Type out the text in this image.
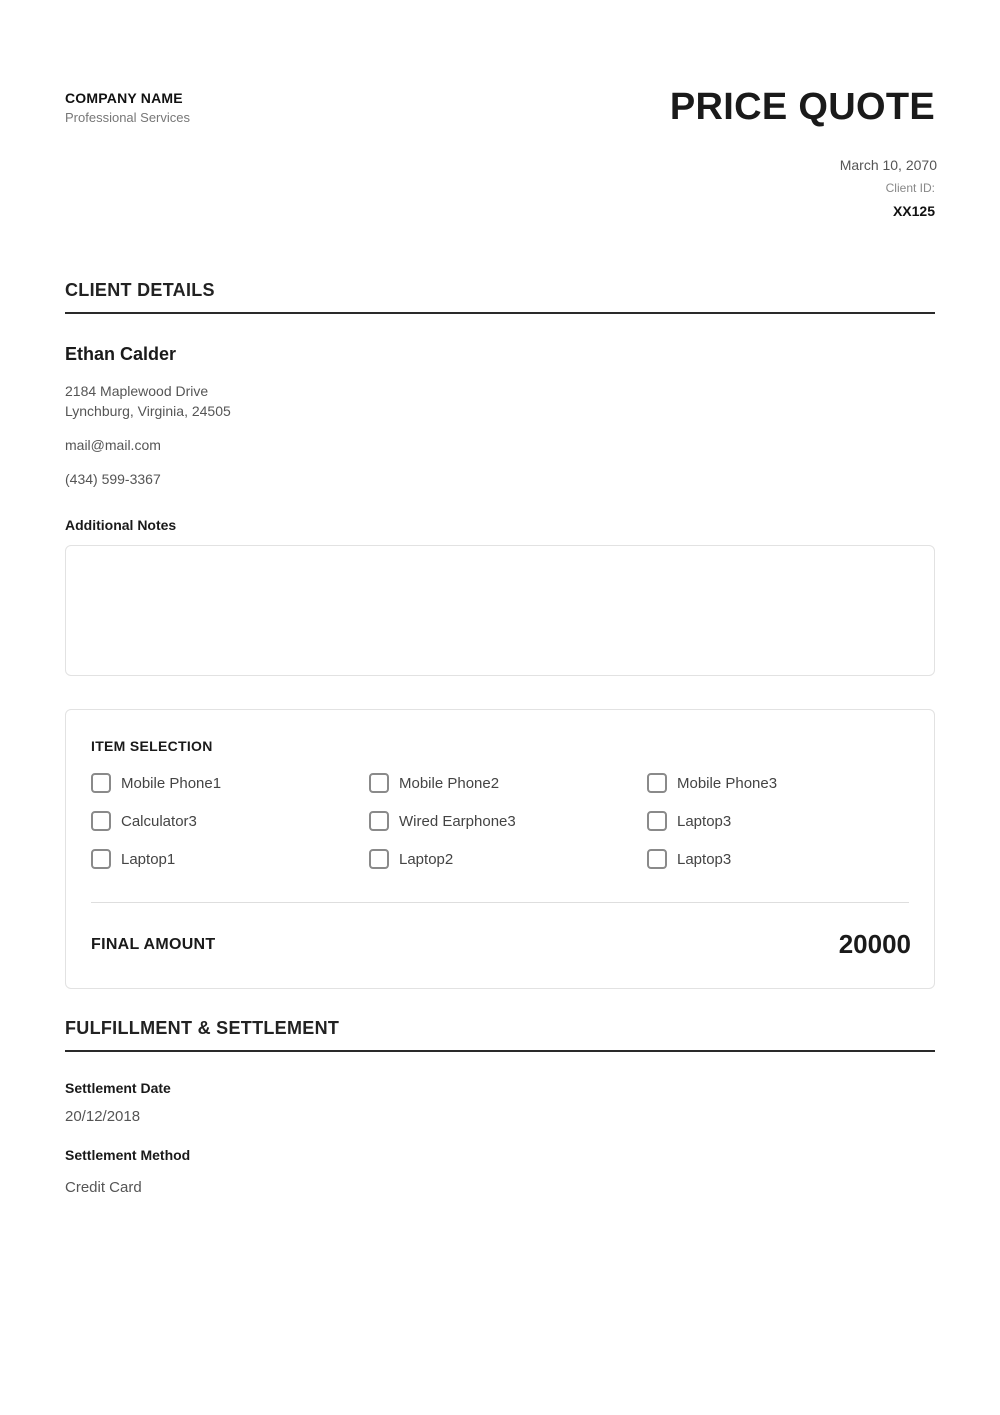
COMPANY NAME
Professional Services	PRICE QUOTE
March 10, 2070
Client ID:
XX125
CLIENT DETAILS
Ethan Calder
2184 Maplewood Drive
Lynchburg, Virginia, 24505
mail@mail.com
(434) 599-3367
Additional Notes
ITEM SELECTION
Mobile Phone1	Mobile Phone2	Mobile Phone3
Calculator3	Wired Earphone3	Laptop3
Laptop1	Laptop2	Laptop3
FINAL AMOUNT	20000
FULFILLMENT & SETTLEMENT
Settlement Date
20/12/2018
Settlement Method
Credit Card
